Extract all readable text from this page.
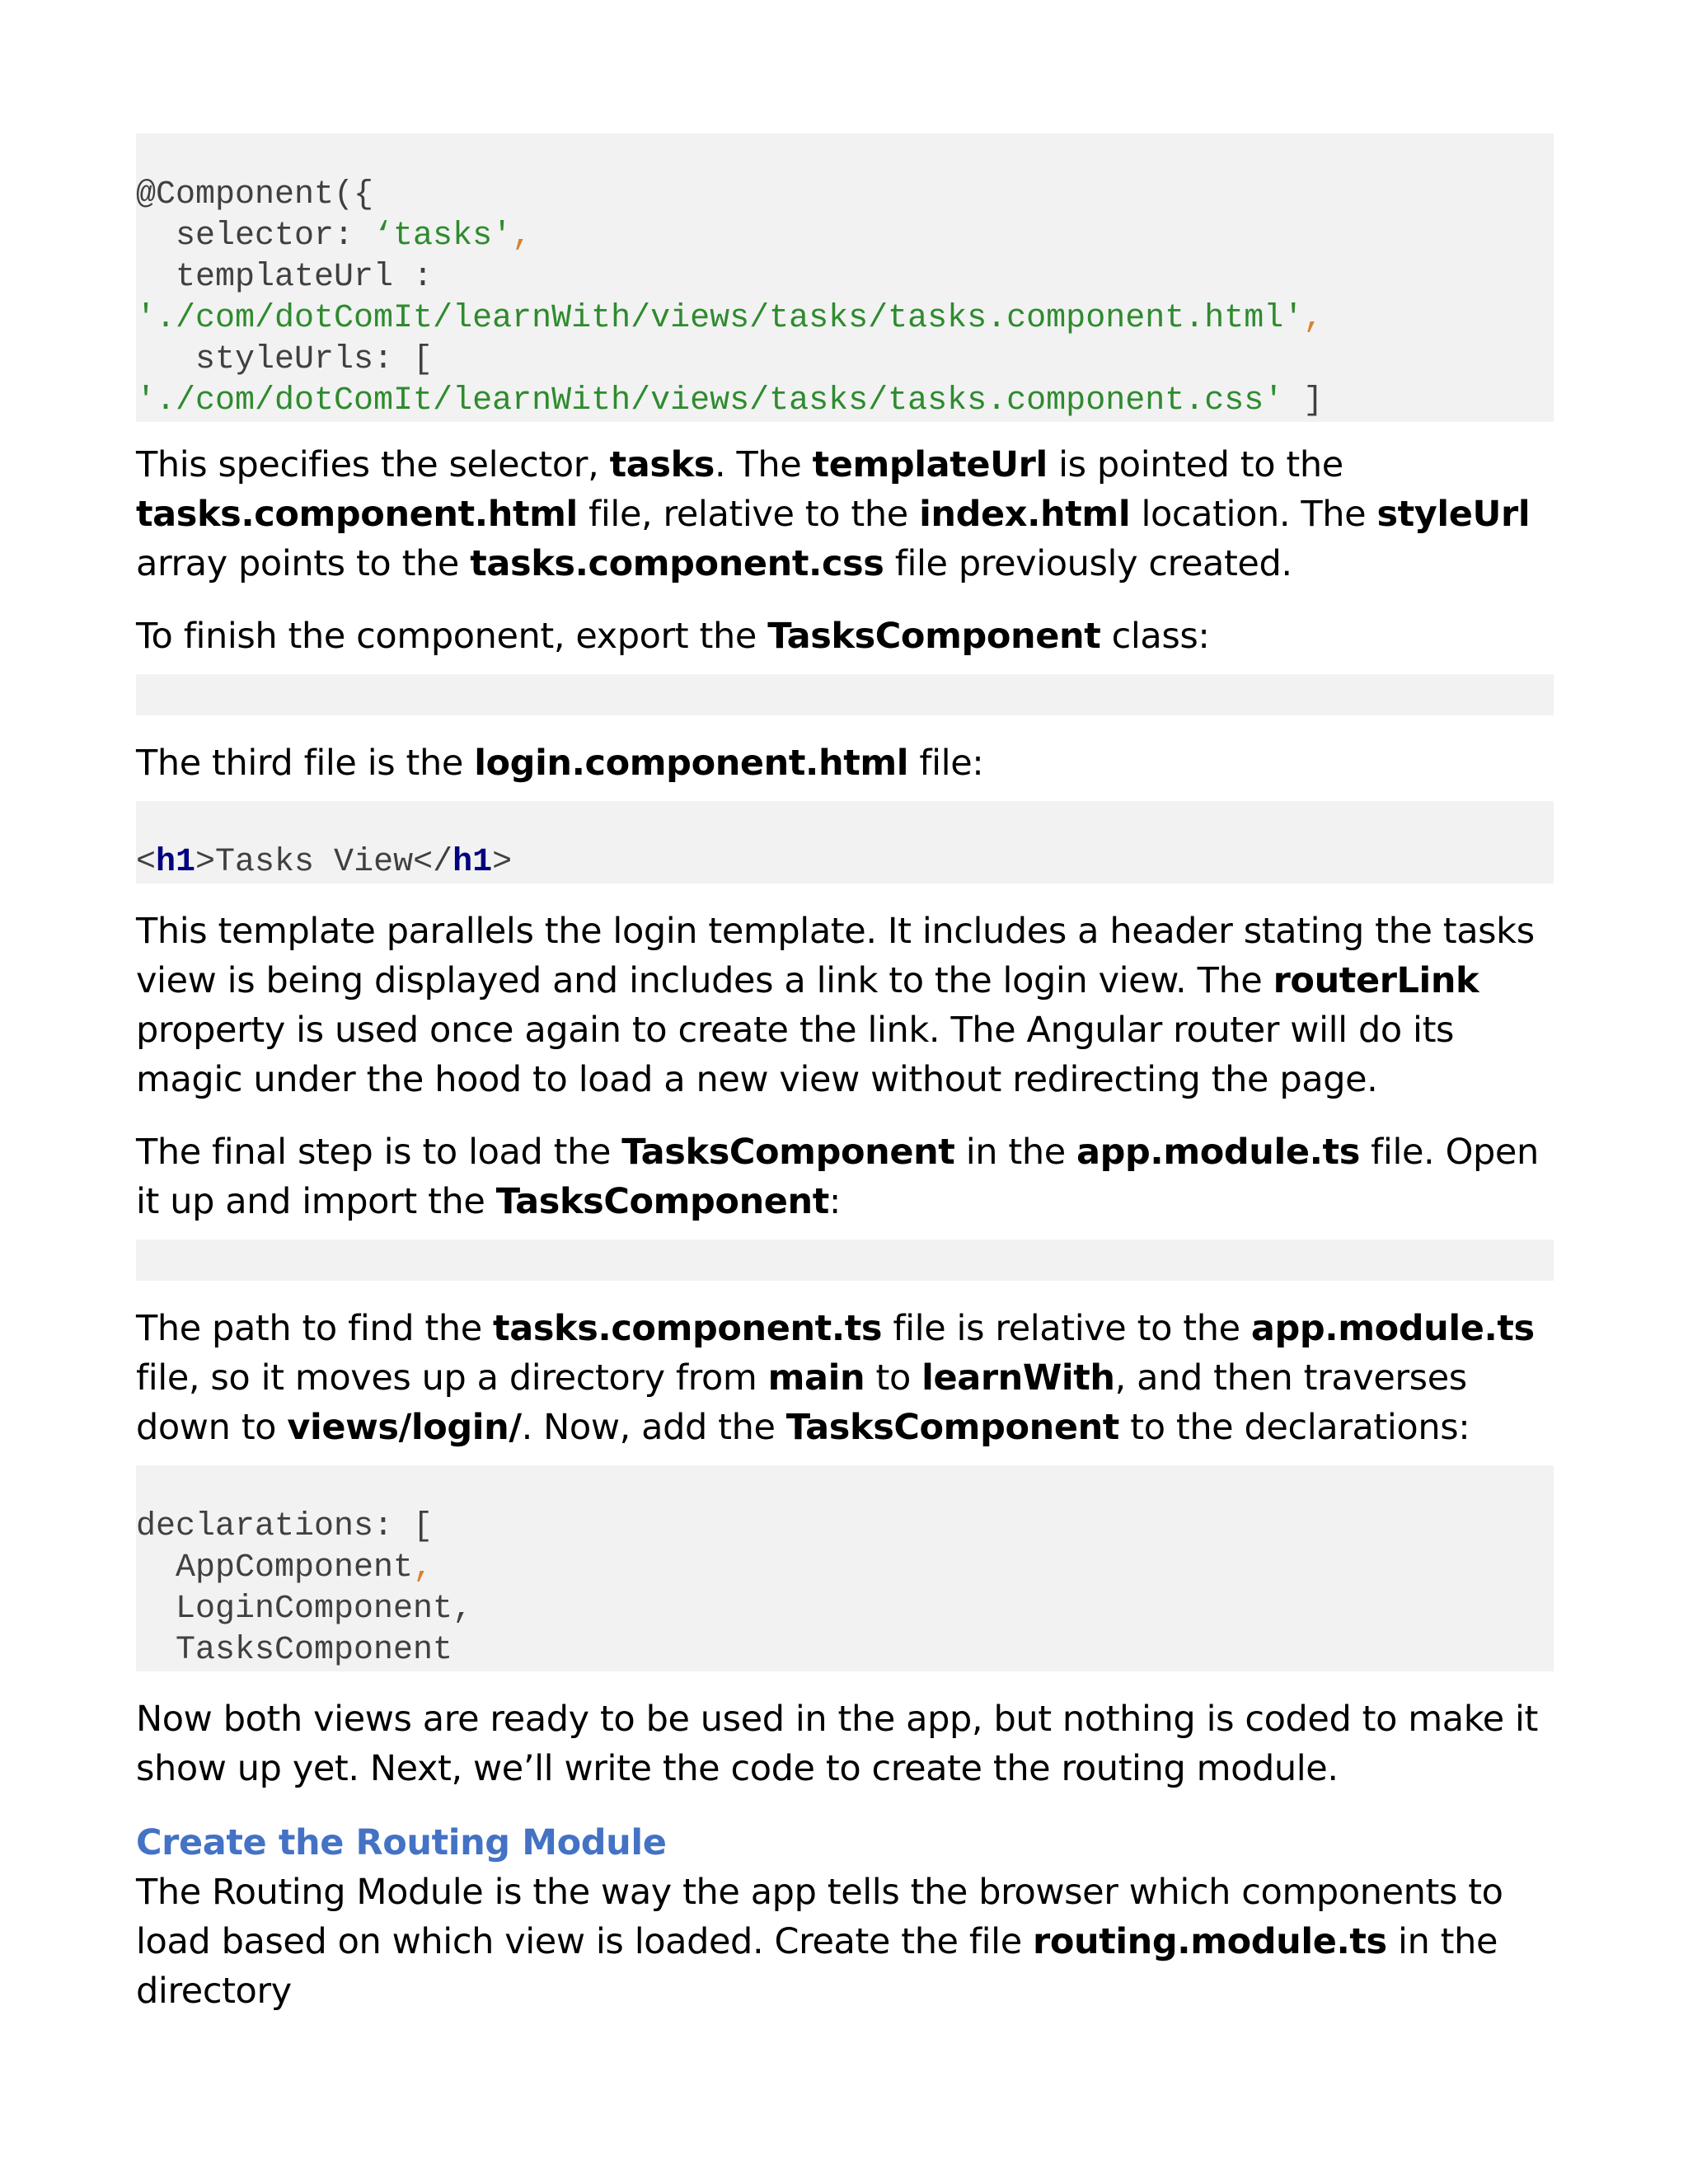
@Component({
selector: ‘tasks',
templateUrl :
'./com/dotComIt/learnWith/views/tasks/tasks.component.html',
styleUrls: [
'./com/dotComIt/learnWith/views/tasks/tasks.component.css' ]

This specifies the selector, tasks. The templateUrl is pointed to the tasks.component.html file, relative to the index.html location. The styleUrl array points to the tasks.component.css file previously created.

To finish the component, export the TasksComponent class:

The third file is the login.component.html file:

<h1>Tasks View</h1>

This template parallels the login template. It includes a header stating the tasks view is being displayed and includes a link to the login view. The routerLink property is used once again to create the link. The Angular router will do its magic under the hood to load a new view without redirecting the page.

The final step is to load the TasksComponent in the app.module.ts file. Open it up and import the TasksComponent:

The path to find the tasks.component.ts file is relative to the app.module.ts file, so it moves up a directory from main to learnWith, and then traverses down to views/login/. Now, add the TasksComponent to the declarations:

declarations: [
AppComponent,
LoginComponent,
TasksComponent

Now both views are ready to be used in the app, but nothing is coded to make it show up yet. Next, we’ll write the code to create the routing module.

Create the Routing Module

The Routing Module is the way the app tells the browser which components to load based on which view is loaded. Create the file routing.module.ts in the directory
